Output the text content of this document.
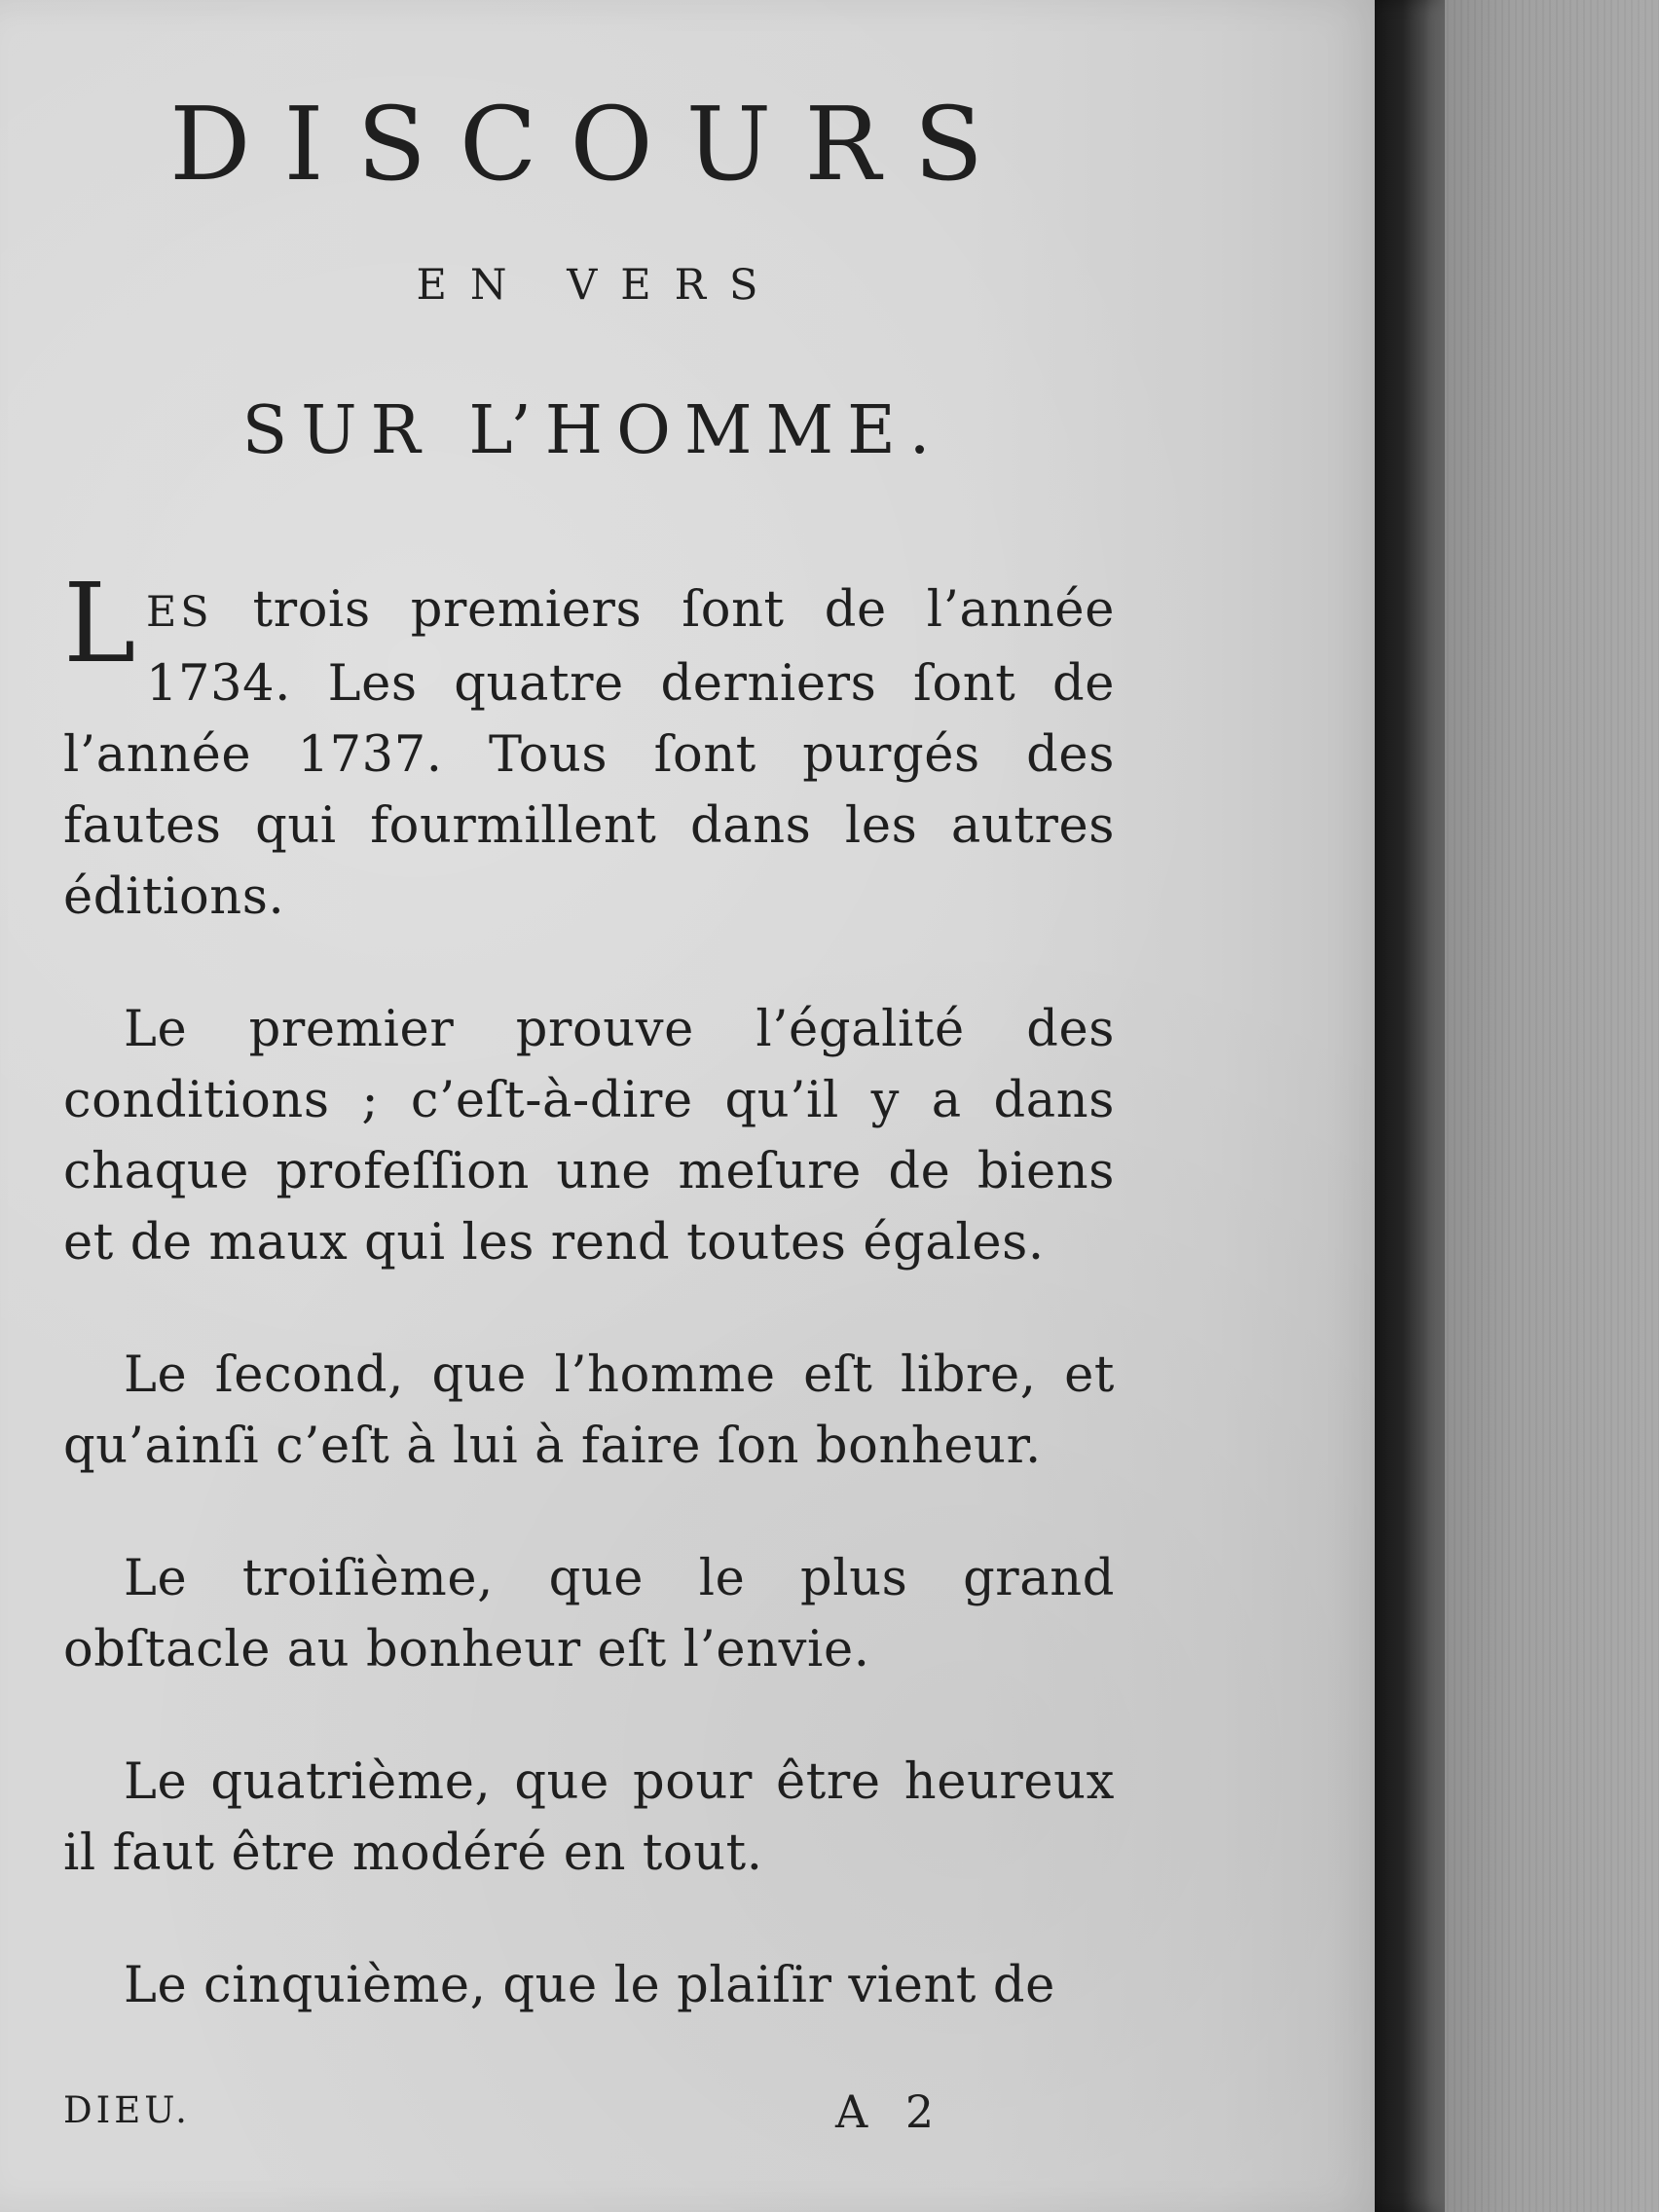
DISCOURS
EN VERS
SUR L’HOMME.

L ES trois premiers ſont de l’année 1734. Les quatre derniers ſont de l’année 1737. Tous ſont purgés des fautes qui fourmillent dans les autres éditions.

Le premier prouve l’égalité des conditions ; c’eſt-à-dire qu’il y a dans chaque profeſſion une meſure de biens et de maux qui les rend toutes égales.

Le ſecond, que l’homme eſt libre, et qu’ainſi c’eſt à lui à faire ſon bonheur.

Le troiſième, que le plus grand obſtacle au bonheur eſt l’envie.

Le quatrième, que pour être heureux il faut être modéré en tout.

Le cinquième, que le plaiſir vient de

DIEU.	A 2
